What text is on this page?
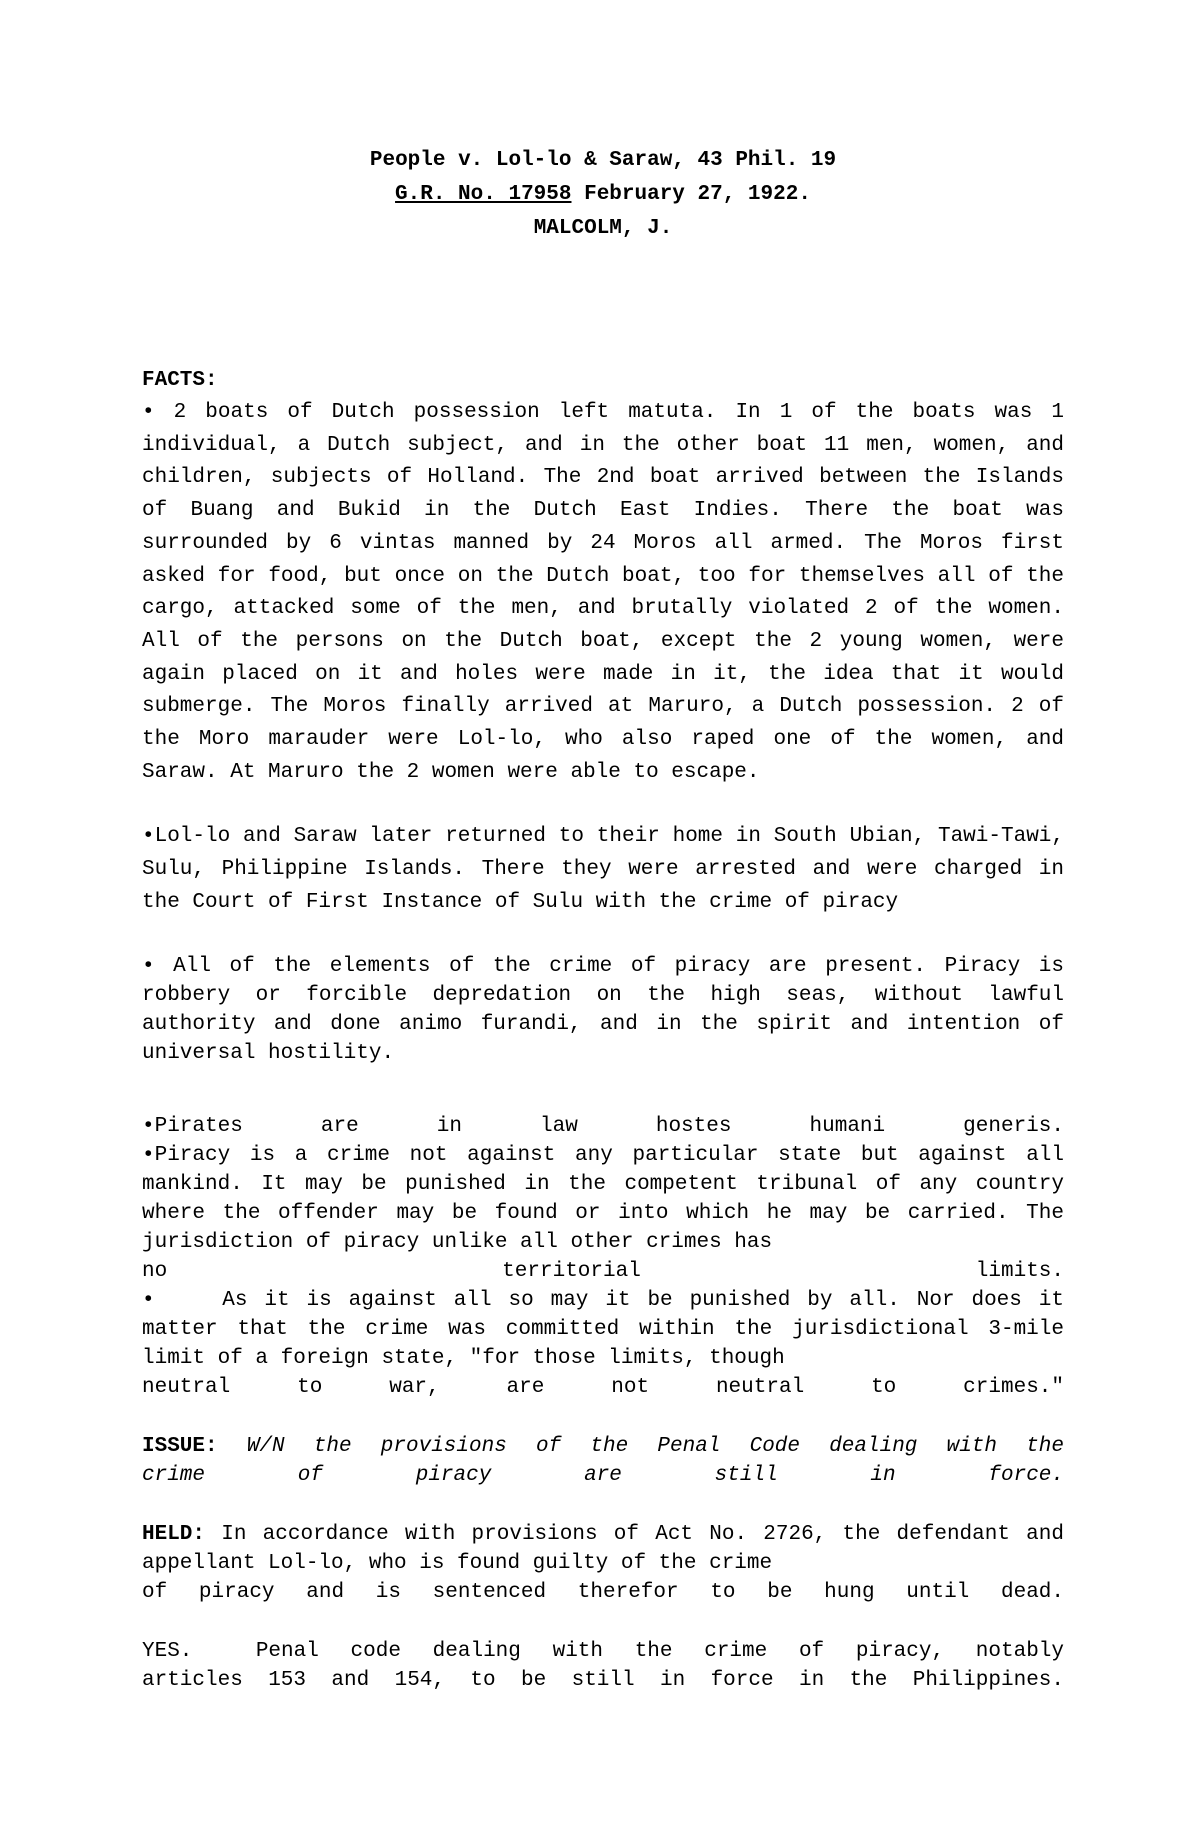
People v. Lol-lo & Saraw, 43 Phil. 19
G.R. No. 17958 February 27, 1922.
MALCOLM, J.
FACTS:

• 2 boats of Dutch possession left matuta. In 1 of the boats was 1 individual, a Dutch subject, and in the other boat 11 men, women, and children, subjects of Holland. The 2nd boat arrived between the Islands of Buang and Bukid in the Dutch East Indies. There the boat was surrounded by 6 vintas manned by 24 Moros all armed. The Moros first asked for food, but once on the Dutch boat, too for themselves all of the cargo, attacked some of the men, and brutally violated 2 of the women. All of the persons on the Dutch boat, except the 2 young women, were again placed on it and holes were made in it, the idea that it would submerge. The Moros finally arrived at Maruro, a Dutch possession. 2 of the Moro marauder were Lol-lo, who also raped one of the women, and Saraw. At Maruro the 2 women were able to escape.

•Lol-lo and Saraw later returned to their home in South Ubian, Tawi-Tawi, Sulu, Philippine Islands. There they were arrested and were charged in the Court of First Instance of Sulu with the crime of piracy

• All of the elements of the crime of piracy are present. Piracy is robbery or forcible depredation on the high seas, without lawful authority and done animo furandi, and in the spirit and intention of universal hostility.

•Pirates are in law hostes humani generis.
•Piracy is a crime not against any particular state but against all mankind. It may be punished in the competent tribunal of any country where the offender may be found or into which he may be carried. The jurisdiction of piracy unlike all other crimes has
no territorial limits.
•    As it is against all so may it be punished by all. Nor does it matter that the crime was committed within the jurisdictional 3-mile limit of a foreign state, "for those limits, though
neutral to war, are not neutral to crimes."
ISSUE: W/N the provisions of the Penal Code dealing with the
crime of piracy are still in force.
HELD: In accordance with provisions of Act No. 2726, the defendant and appellant Lol-lo, who is found guilty of the crime
of piracy and is sentenced therefor to be hung until dead.
YES.  Penal code dealing with the crime of piracy, notably
articles 153 and 154, to be still in force in the Philippines.
